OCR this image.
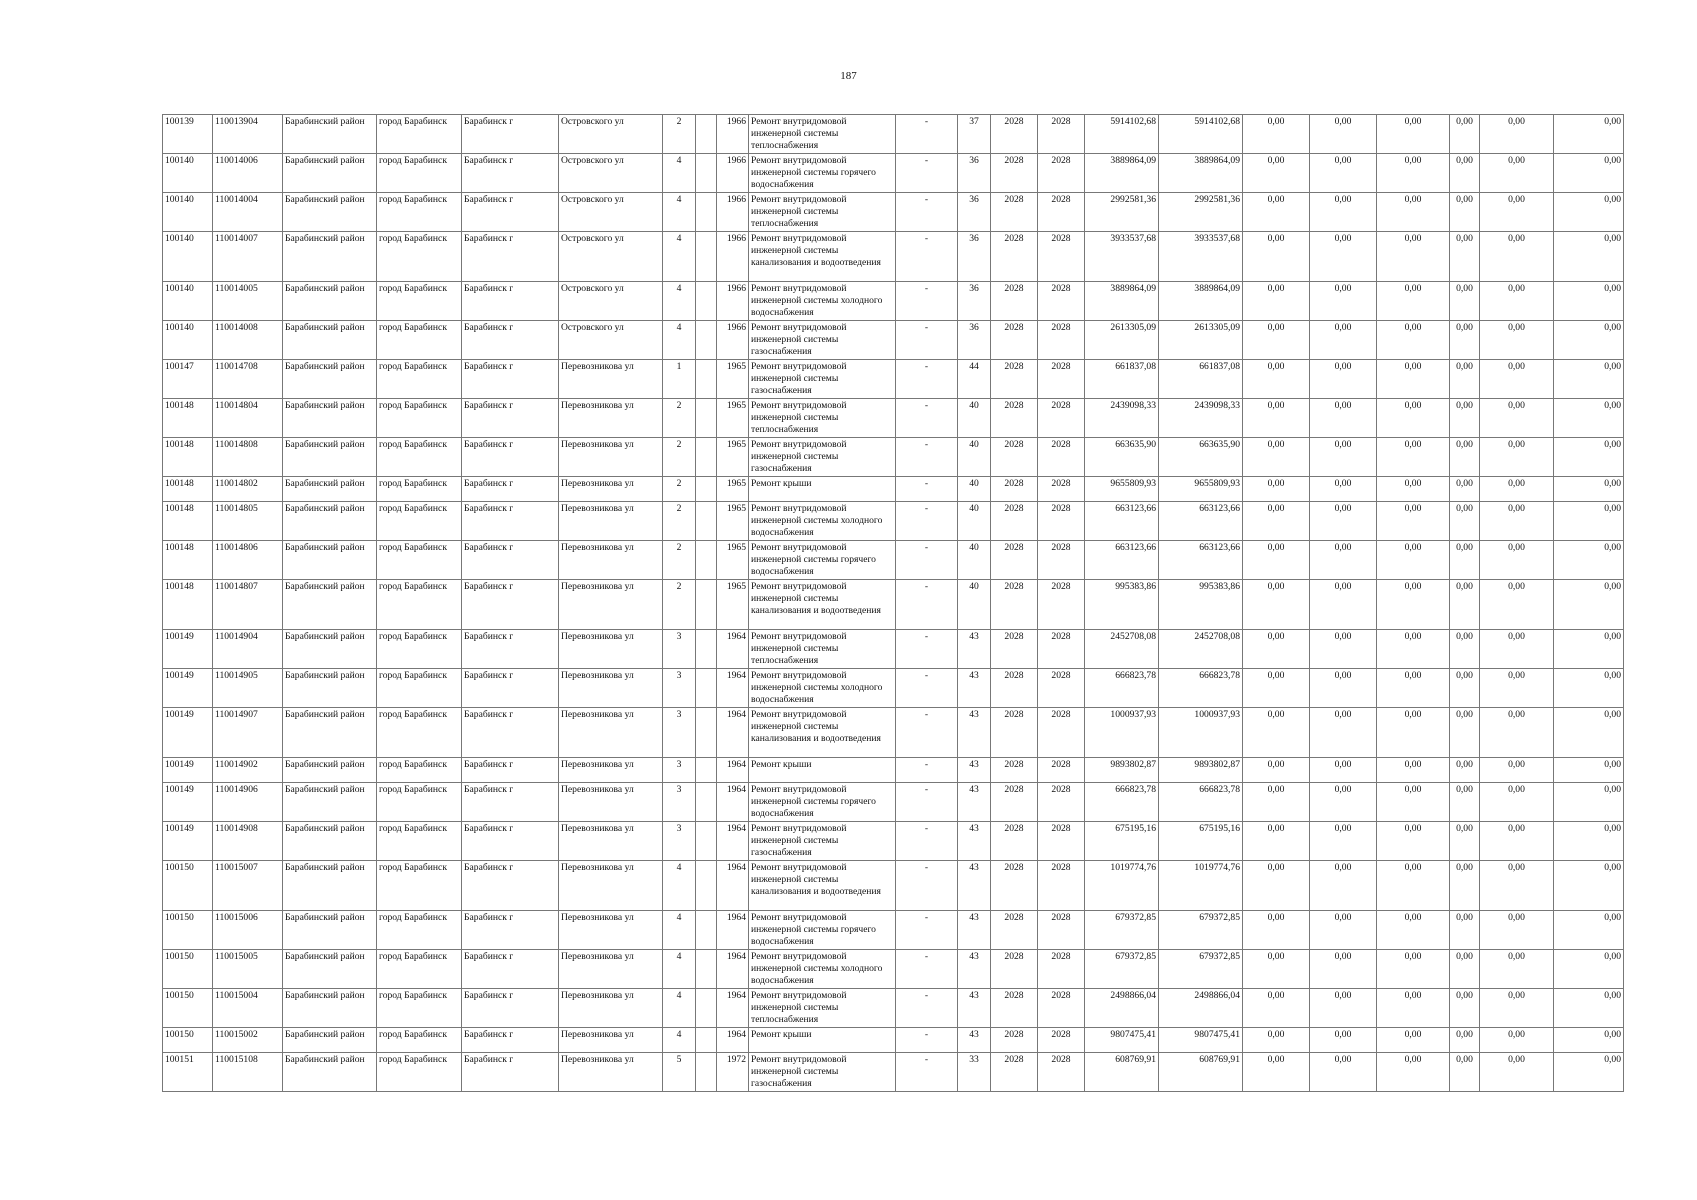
187
100139	110013904	Барабинский район	город Барабинск	Барабинск г	Островского ул	2		1966	Ремонт внутридомовой инженерной системы теплоснабжения	-	37	2028	2028	5914102,68	5914102,68	0,00	0,00	0,00	0,00	0,00	0,00
100140	110014006	Барабинский район	город Барабинск	Барабинск г	Островского ул	4		1966	Ремонт внутридомовой инженерной системы горячего водоснабжения	-	36	2028	2028	3889864,09	3889864,09	0,00	0,00	0,00	0,00	0,00	0,00
100140	110014004	Барабинский район	город Барабинск	Барабинск г	Островского ул	4		1966	Ремонт внутридомовой инженерной системы теплоснабжения	-	36	2028	2028	2992581,36	2992581,36	0,00	0,00	0,00	0,00	0,00	0,00
100140	110014007	Барабинский район	город Барабинск	Барабинск г	Островского ул	4		1966	Ремонт внутридомовой инженерной системы канализования и водоотведения	-	36	2028	2028	3933537,68	3933537,68	0,00	0,00	0,00	0,00	0,00	0,00
100140	110014005	Барабинский район	город Барабинск	Барабинск г	Островского ул	4		1966	Ремонт внутридомовой инженерной системы холодного водоснабжения	-	36	2028	2028	3889864,09	3889864,09	0,00	0,00	0,00	0,00	0,00	0,00
100140	110014008	Барабинский район	город Барабинск	Барабинск г	Островского ул	4		1966	Ремонт внутридомовой инженерной системы газоснабжения	-	36	2028	2028	2613305,09	2613305,09	0,00	0,00	0,00	0,00	0,00	0,00
100147	110014708	Барабинский район	город Барабинск	Барабинск г	Перевозникова ул	1		1965	Ремонт внутридомовой инженерной системы газоснабжения	-	44	2028	2028	661837,08	661837,08	0,00	0,00	0,00	0,00	0,00	0,00
100148	110014804	Барабинский район	город Барабинск	Барабинск г	Перевозникова ул	2		1965	Ремонт внутридомовой инженерной системы теплоснабжения	-	40	2028	2028	2439098,33	2439098,33	0,00	0,00	0,00	0,00	0,00	0,00
100148	110014808	Барабинский район	город Барабинск	Барабинск г	Перевозникова ул	2		1965	Ремонт внутридомовой инженерной системы газоснабжения	-	40	2028	2028	663635,90	663635,90	0,00	0,00	0,00	0,00	0,00	0,00
100148	110014802	Барабинский район	город Барабинск	Барабинск г	Перевозникова ул	2		1965	Ремонт крыши	-	40	2028	2028	9655809,93	9655809,93	0,00	0,00	0,00	0,00	0,00	0,00
100148	110014805	Барабинский район	город Барабинск	Барабинск г	Перевозникова ул	2		1965	Ремонт внутридомовой инженерной системы холодного водоснабжения	-	40	2028	2028	663123,66	663123,66	0,00	0,00	0,00	0,00	0,00	0,00
100148	110014806	Барабинский район	город Барабинск	Барабинск г	Перевозникова ул	2		1965	Ремонт внутридомовой инженерной системы горячего водоснабжения	-	40	2028	2028	663123,66	663123,66	0,00	0,00	0,00	0,00	0,00	0,00
100148	110014807	Барабинский район	город Барабинск	Барабинск г	Перевозникова ул	2		1965	Ремонт внутридомовой инженерной системы канализования и водоотведения	-	40	2028	2028	995383,86	995383,86	0,00	0,00	0,00	0,00	0,00	0,00
100149	110014904	Барабинский район	город Барабинск	Барабинск г	Перевозникова ул	3		1964	Ремонт внутридомовой инженерной системы теплоснабжения	-	43	2028	2028	2452708,08	2452708,08	0,00	0,00	0,00	0,00	0,00	0,00
100149	110014905	Барабинский район	город Барабинск	Барабинск г	Перевозникова ул	3		1964	Ремонт внутридомовой инженерной системы холодного водоснабжения	-	43	2028	2028	666823,78	666823,78	0,00	0,00	0,00	0,00	0,00	0,00
100149	110014907	Барабинский район	город Барабинск	Барабинск г	Перевозникова ул	3		1964	Ремонт внутридомовой инженерной системы канализования и водоотведения	-	43	2028	2028	1000937,93	1000937,93	0,00	0,00	0,00	0,00	0,00	0,00
100149	110014902	Барабинский район	город Барабинск	Барабинск г	Перевозникова ул	3		1964	Ремонт крыши	-	43	2028	2028	9893802,87	9893802,87	0,00	0,00	0,00	0,00	0,00	0,00
100149	110014906	Барабинский район	город Барабинск	Барабинск г	Перевозникова ул	3		1964	Ремонт внутридомовой инженерной системы горячего водоснабжения	-	43	2028	2028	666823,78	666823,78	0,00	0,00	0,00	0,00	0,00	0,00
100149	110014908	Барабинский район	город Барабинск	Барабинск г	Перевозникова ул	3		1964	Ремонт внутридомовой инженерной системы газоснабжения	-	43	2028	2028	675195,16	675195,16	0,00	0,00	0,00	0,00	0,00	0,00
100150	110015007	Барабинский район	город Барабинск	Барабинск г	Перевозникова ул	4		1964	Ремонт внутридомовой инженерной системы канализования и водоотведения	-	43	2028	2028	1019774,76	1019774,76	0,00	0,00	0,00	0,00	0,00	0,00
100150	110015006	Барабинский район	город Барабинск	Барабинск г	Перевозникова ул	4		1964	Ремонт внутридомовой инженерной системы горячего водоснабжения	-	43	2028	2028	679372,85	679372,85	0,00	0,00	0,00	0,00	0,00	0,00
100150	110015005	Барабинский район	город Барабинск	Барабинск г	Перевозникова ул	4		1964	Ремонт внутридомовой инженерной системы холодного водоснабжения	-	43	2028	2028	679372,85	679372,85	0,00	0,00	0,00	0,00	0,00	0,00
100150	110015004	Барабинский район	город Барабинск	Барабинск г	Перевозникова ул	4		1964	Ремонт внутридомовой инженерной системы теплоснабжения	-	43	2028	2028	2498866,04	2498866,04	0,00	0,00	0,00	0,00	0,00	0,00
100150	110015002	Барабинский район	город Барабинск	Барабинск г	Перевозникова ул	4		1964	Ремонт крыши	-	43	2028	2028	9807475,41	9807475,41	0,00	0,00	0,00	0,00	0,00	0,00
100151	110015108	Барабинский район	город Барабинск	Барабинск г	Перевозникова ул	5		1972	Ремонт внутридомовой инженерной системы газоснабжения	-	33	2028	2028	608769,91	608769,91	0,00	0,00	0,00	0,00	0,00	0,00
